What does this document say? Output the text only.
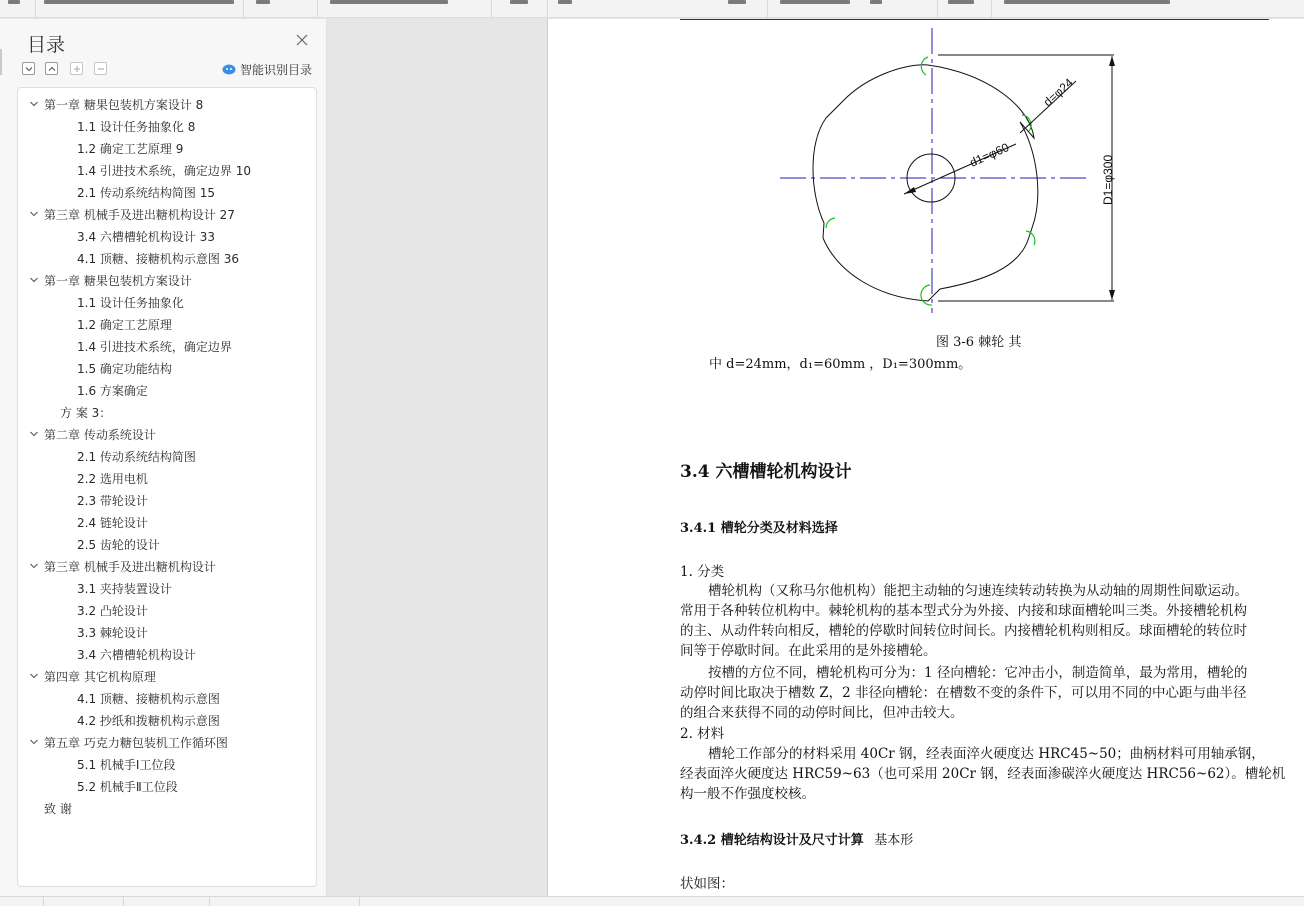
目录
智能识别目录
第一章 糖果包装机方案设计 8
1.1 设计任务抽象化 8
1.2 确定工艺原理 9
1.4 引进技术系统，确定边界 10
2.1 传动系统结构简图 15
第三章 机械手及进出糖机构设计 27
3.4 六槽槽轮机构设计 33
4.1 顶糖、接糖机构示意图 36
第一章 糖果包装机方案设计
1.1 设计任务抽象化
1.2 确定工艺原理
1.4 引进技术系统，确定边界
1.5 确定功能结构
1.6 方案确定
方 案 3：
第二章 传动系统设计
2.1 传动系统结构简图
2.2 选用电机
2.3 带轮设计
2.4 链轮设计
2.5 齿轮的设计
第三章 机械手及进出糖机构设计
3.1 夹持装置设计
3.2 凸轮设计
3.3 棘轮设计
3.4 六槽槽轮机构设计
第四章 其它机构原理
4.1 顶糖、接糖机构示意图
4.2 抄纸和拨糖机构示意图
第五章 巧克力糖包装机工作循环图
5.1 机械手Ⅰ工位段
5.2 机械手Ⅱ工位段
致 谢
d1=φ60
d=φ24
D1=φ300
图 3-6 棘轮 其
中 d=24mm，d₁=60mm ，D₁=300mm。
3.4 六槽槽轮机构设计
3.4.1 槽轮分类及材料选择
1. 分类
槽轮机构（又称马尔他机构）能把主动轴的匀速连续转动转换为从动轴的周期性间歇运动。
常用于各种转位机构中。棘轮机构的基本型式分为外接、内接和球面槽轮叫三类。外接槽轮机构
的主、从动件转向相反，槽轮的停歇时间转位时间长。内接槽轮机构则相反。球面槽轮的转位时
间等于停歇时间。在此采用的是外接槽轮。
按槽的方位不同，槽轮机构可分为：1 径向槽轮：它冲击小，制造简单，最为常用，槽轮的
动停时间比取决于槽数 Z，2 非径向槽轮：在槽数不变的条件下，可以用不同的中心距与曲半径
的组合来获得不同的动停时间比，但冲击较大。
2. 材料
槽轮工作部分的材料采用 40Cr 钢，经表面淬火硬度达 HRC45~50；曲柄材料可用轴承钢，
经表面淬火硬度达 HRC59~63（也可采用 20Cr 钢，经表面渗碳淬火硬度达 HRC56~62）。槽轮机
构一般不作强度校核。
3.4.2 槽轮结构设计及尺寸计算 基本形
状如图：
